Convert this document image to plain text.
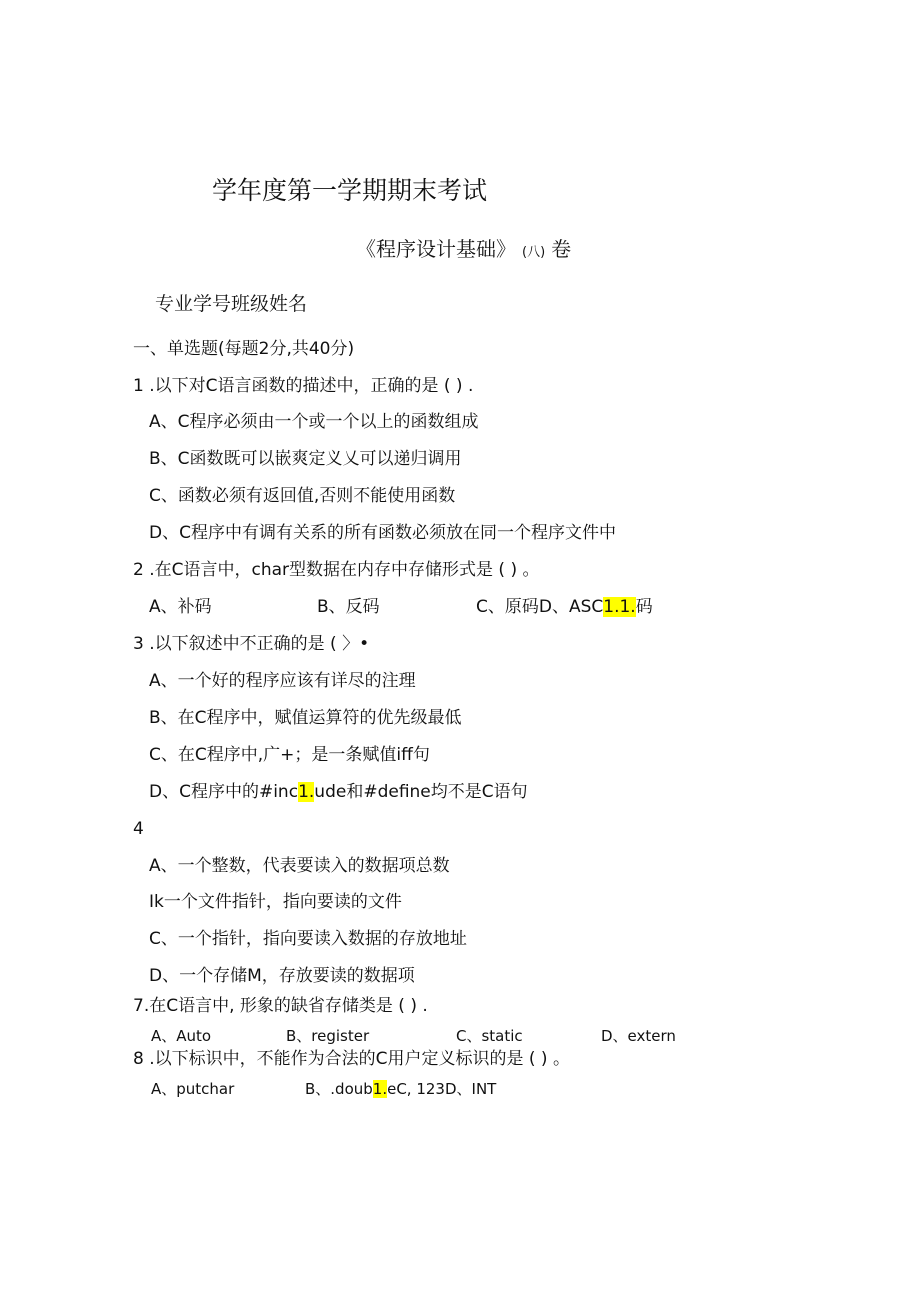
学年度第一学期期末考试
《程序设计基础》 (八) 卷
专业学号班级姓名
一、单选题(每题2分,共40分)
1 .以下对C语言函数的描述中，正确的是 ( ) .
A、C程序必须由一个或一个以上的函数组成
B、C函数既可以嵌爽定义乂可以递归调用
C、函数必须有返回值,否则不能使用函数
D、C程序中有调有关系的所有函数必须放在同一个程序文件中
2 .在C语言中，char型数据在内存中存储形式是 ( ) 。
A、补码	B、反码	C、原码D、ASC1.1.码
3 .以下叙述中不正确的是 ( 〉•
A、一个好的程序应该有详尽的注理
B、在C程序中，赋值运算符的优先级最低
C、在C程序中,广+；是一条赋值iff句
D、C程序中的#inc1.ude和#define均不是C语句
4
A、一个整数，代表要读入的数据项总数
Ik一个文件指针，指向要读的文件
C、一个指针，指向要读入数据的存放地址
D、一个存储M，存放要读的数据项
7.在C语言中, 形象的缺省存储类是 ( ) .
A、Auto	B、register	C、static	D、extern
8 .以下标识中，不能作为合法的C用户定义标识的是 ( ) 。
A、putchar	B、.doub1.eC, 123D、INT
